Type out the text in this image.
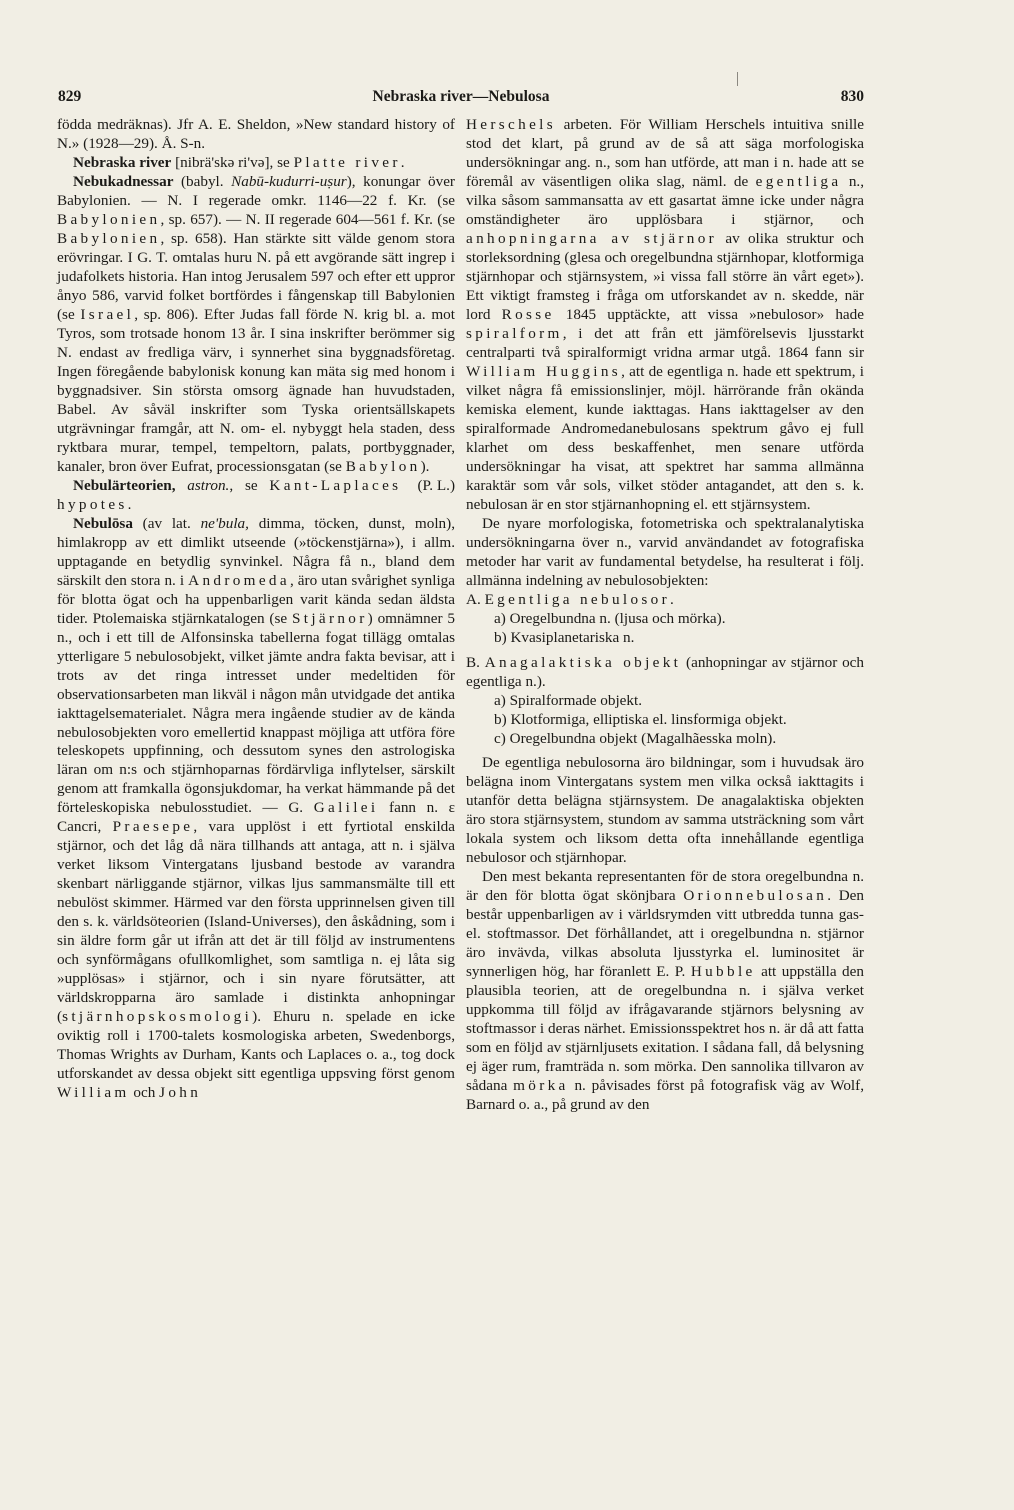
829	Nebraska river—Nebulosa	830

födda medräknas). Jfr A. E. Sheldon, »New standard history of N.» (1928—29). Å. S-n.

Nebraska river [nibrä'skə ri'və], se Platte river.

Nebukadnessar (babyl. Nabū-kudurri-uṣur), konungar över Babylonien. — N. I regerade omkr. 1146—22 f. Kr. (se Babylonien, sp. 657). — N. II regerade 604—561 f. Kr. (se Babylonien, sp. 658). Han stärkte sitt välde genom stora erövringar. I G. T. omtalas huru N. på ett avgörande sätt ingrep i judafolkets historia. Han intog Jerusalem 597 och efter ett uppror ånyo 586, varvid folket bortfördes i fångenskap till Babylonien (se Israel, sp. 806). Efter Judas fall förde N. krig bl. a. mot Tyros, som trotsade honom 13 år. I sina inskrifter berömmer sig N. endast av fredliga värv, i synnerhet sina byggnadsföretag. Ingen föregående babylonisk konung kan mäta sig med honom i byggnadsiver. Sin största omsorg ägnade han huvudstaden, Babel. Av såväl inskrifter som Tyska orientsällskapets utgrävningar framgår, att N. om- el. nybyggt hela staden, dess ryktbara murar, tempel, tempeltorn, palats, portbyggnader, kanaler, bron över Eufrat, processionsgatan (se Babylon).
(P. L.)

Nebulärteorien, astron., se Kant-Laplaces hypotes.

Nebulōsa (av lat. ne'bula, dimma, töcken, dunst, moln), himlakropp av ett dimlikt utseende (»töckenstjärna»), i allm. upptagande en betydlig synvinkel. Några få n., bland dem särskilt den stora n. i Andromeda, äro utan svårighet synliga för blotta ögat och ha uppenbarligen varit kända sedan äldsta tider. Ptolemaiska stjärnkatalogen (se Stjärnor) omnämner 5 n., och i ett till de Alfonsinska tabellerna fogat tillägg omtalas ytterligare 5 nebulosobjekt, vilket jämte andra fakta bevisar, att i trots av det ringa intresset under medeltiden för observationsarbeten man likväl i någon mån utvidgade det antika iakttagelsematerialet. Några mera ingående studier av de kända nebulosobjekten voro emellertid knappast möjliga att utföra före teleskopets uppfinning, och dessutom synes den astrologiska läran om n:s och stjärnhoparnas fördärvliga inflytelser, särskilt genom att framkalla ögonsjukdomar, ha verkat hämmande på det förteleskopiska nebulosstudiet. — G. Galilei fann n. ε Cancri, Praesepe, vara upplöst i ett fyrtiotal enskilda stjärnor, och det låg då nära tillhands att antaga, att n. i själva verket liksom Vintergatans ljusband bestode av varandra skenbart närliggande stjärnor, vilkas ljus sammansmälte till ett nebulöst skimmer. Härmed var den första upprinnelsen given till den s. k. världsöteorien (Island-Universes), den åskådning, som i sin äldre form går ut ifrån att det är till följd av instrumentens och synförmågans ofullkomlighet, som samtliga n. ej låta sig »upplösas» i stjärnor, och i sin nyare förutsätter, att världskropparna äro samlade i distinkta anhopningar (stjärnhopskosmologi). Ehuru n. spelade en icke oviktig roll i 1700-talets kosmologiska arbeten, Swedenborgs, Thomas Wrights av Durham, Kants och Laplaces o. a., tog dock utforskandet av dessa objekt sitt egentliga uppsving först genom William och John

Herschels arbeten. För William Herschels intuitiva snille stod det klart, på grund av de så att säga morfologiska undersökningar ang. n., som han utförde, att man i n. hade att se föremål av väsentligen olika slag, näml. de egentliga n., vilka såsom sammansatta av ett gasartat ämne icke under några omständigheter äro upplösbara i stjärnor, och anhopningarna av stjärnor av olika struktur och storleksordning (glesa och oregelbundna stjärnhopar, klotformiga stjärnhopar och stjärnsystem, »i vissa fall större än vårt eget»). Ett viktigt framsteg i fråga om utforskandet av n. skedde, när lord Rosse 1845 upptäckte, att vissa »nebulosor» hade spiralform, i det att från ett jämförelsevis ljusstarkt centralparti två spiralformigt vridna armar utgå. 1864 fann sir William Huggins, att de egentliga n. hade ett spektrum, i vilket några få emissionslinjer, möjl. härrörande från okända kemiska element, kunde iakttagas. Hans iakttagelser av den spiralformade Andromedanebulosans spektrum gåvo ej full klarhet om dess beskaffenhet, men senare utförda undersökningar ha visat, att spektret har samma allmänna karaktär som vår sols, vilket stöder antagandet, att den s. k. nebulosan är en stor stjärnanhopning el. ett stjärnsystem.

De nyare morfologiska, fotometriska och spektralanalytiska undersökningarna över n., varvid användandet av fotografiska metoder har varit av fundamental betydelse, ha resulterat i följ. allmänna indelning av nebulosobjekten:

A. Egentliga nebulosor.
a) Oregelbundna n. (ljusa och mörka).
b) Kvasiplanetariska n.
B. Anagalaktiska objekt (anhopningar av stjärnor och egentliga n.).
a) Spiralformade objekt.
b) Klotformiga, elliptiska el. linsformiga objekt.
c) Oregelbundna objekt (Magalhãesska moln).

De egentliga nebulosorna äro bildningar, som i huvudsak äro belägna inom Vintergatans system men vilka också iakttagits i utanför detta belägna stjärnsystem. De anagalaktiska objekten äro stora stjärnsystem, stundom av samma utsträckning som vårt lokala system och liksom detta ofta innehållande egentliga nebulosor och stjärnhopar.

Den mest bekanta representanten för de stora oregelbundna n. är den för blotta ögat skönjbara Orionnebulosan. Den består uppenbarligen av i världsrymden vitt utbredda tunna gas- el. stoftmassor. Det förhållandet, att i oregelbundna n. stjärnor äro invävda, vilkas absoluta ljusstyrka el. luminositet är synnerligen hög, har föranlett E. P. Hubble att uppställa den plausibla teorien, att de oregelbundna n. i själva verket uppkomma till följd av ifrågavarande stjärnors belysning av stoftmassor i deras närhet. Emissionsspektret hos n. är då att fatta som en följd av stjärnljusets exitation. I sådana fall, då belysning ej äger rum, framträda n. som mörka. Den sannolika tillvaron av sådana mörka n. påvisades först på fotografisk väg av Wolf, Barnard o. a., på grund av den
